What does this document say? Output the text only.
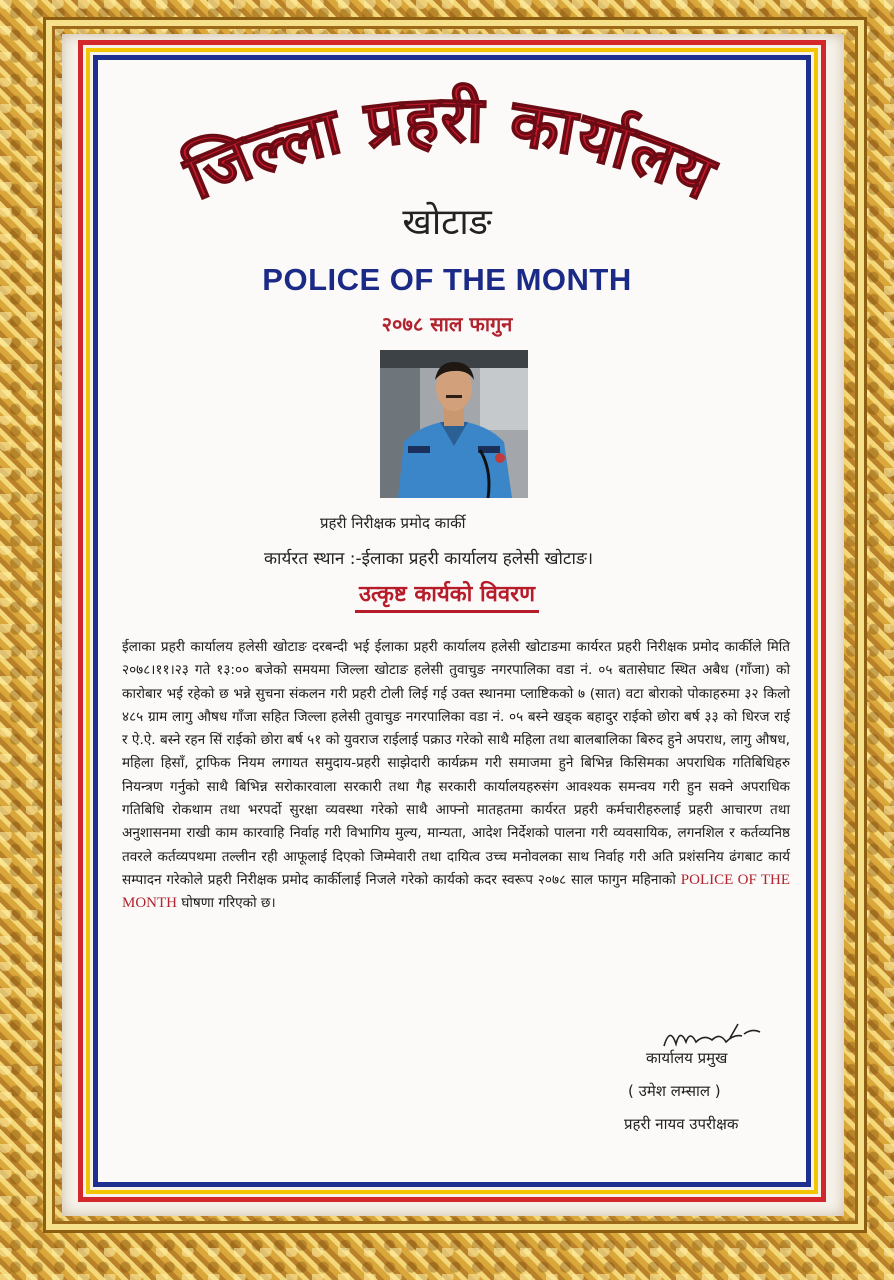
जिल्ला प्रहरी कार्यालय
खोटाङ
POLICE OF THE MONTH
२०७८ साल फागुन
प्रहरी निरीक्षक प्रमोद कार्की
कार्यरत स्थान :-ईलाका प्रहरी कार्यालय हलेसी खोटाङ।
उत्कृष्ट कार्यको विवरण
ईलाका प्रहरी कार्यालय हलेसी खोटाङ दरबन्दी भई ईलाका प्रहरी कार्यालय हलेसी खोटाङमा कार्यरत प्रहरी निरीक्षक प्रमोद कार्कीले मिति २०७८।११।२३ गते १३:०० बजेको समयमा जिल्ला खोटाङ हलेसी तुवाचुङ नगरपालिका वडा नं. ०५ बतासेघाट स्थित अबैध (गाँजा) को कारोबार भई रहेको छ भन्ने सुचना संकलन गरी प्रहरी टोली लिई गई उक्त स्थानमा प्लाष्टिकको ७ (सात) वटा बोराको पोकाहरुमा ३२ किलो ४८५ ग्राम लागु औषध गाँजा सहित जिल्ला हलेसी तुवाचुङ नगरपालिका वडा नं. ०५ बस्ने खड्क बहादुर राईको छोरा बर्ष ३३ को धिरज राई र ऐ.ऐ. बस्ने रहन सिं राईको छोरा बर्ष ५१ को युवराज राईलाई पक्राउ गरेको साथै महिला तथा बालबालिका बिरुद हुने अपराध, लागु औषध, महिला हिसाँ, ट्राफिक नियम लगायत समुदाय-प्रहरी साझेदारी कार्यक्रम गरी समाजमा हुने बिभिन्न किसिमका अपराधिक गतिबिधिहरु नियन्त्रण गर्नुको साथै बिभिन्न सरोकारवाला सरकारी तथा गैह्र सरकारी कार्यालयहरुसंग आवश्यक समन्वय गरी हुन सक्ने अपराधिक गतिबिधि रोकथाम तथा भरपर्दो सुरक्षा व्यवस्था गरेको साथै आफ्नो मातहतमा कार्यरत प्रहरी कर्मचारीहरुलाई प्रहरी आचारण तथा अनुशासनमा राखी काम कारवाहि निर्वाह गरी विभागिय मुल्य, मान्यता, आदेश निर्देशको पालना गरी व्यवसायिक, लगनशिल र कर्तव्यनिष्ठ तवरले कर्तव्यपथमा तल्लीन रही आफूलाई दिएको जिम्मेवारी तथा दायित्व उच्च मनोवलका साथ निर्वाह गरी अति प्रशंसनिय ढंगबाट कार्य सम्पादन गरेकोले प्रहरी निरीक्षक प्रमोद कार्कीलाई निजले गरेको कार्यको कदर स्वरूप २०७८ साल फागुन महिनाको POLICE OF THE MONTH घोषणा गरिएको छ।
कार्यालय प्रमुख
( उमेश लम्साल )
प्रहरी नायव उपरीक्षक
